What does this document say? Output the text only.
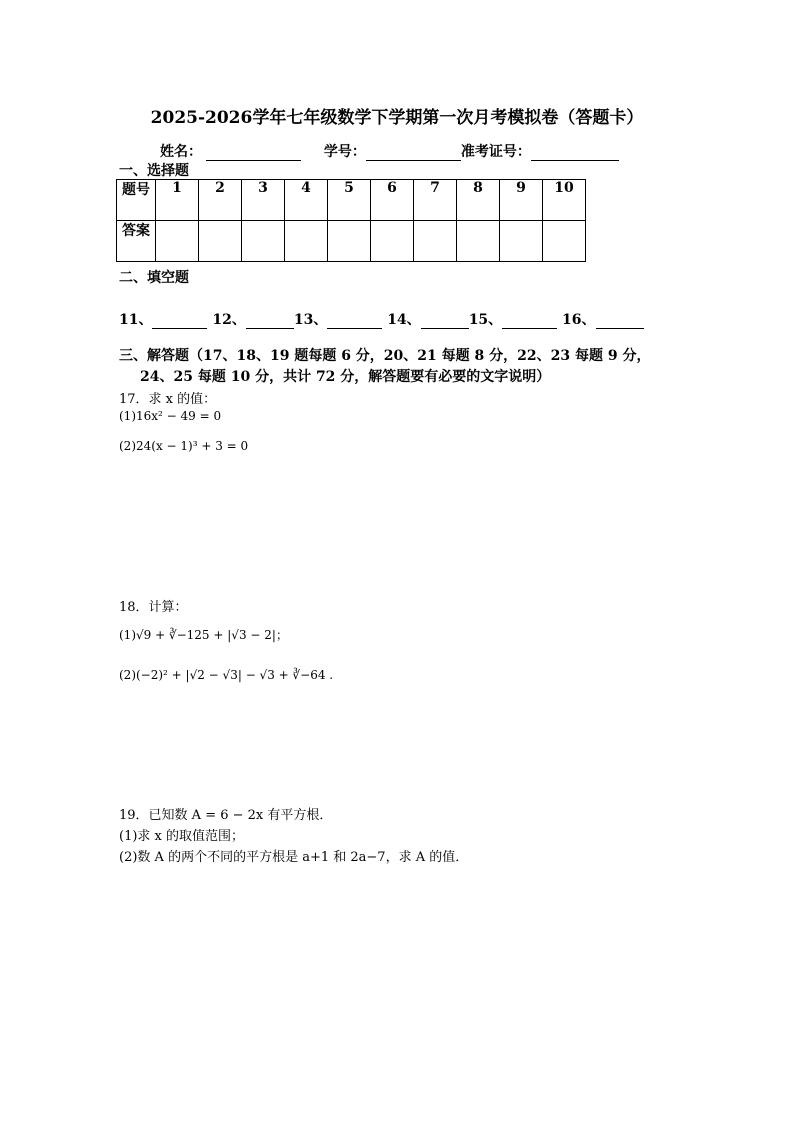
2025-2026学年七年级数学下学期第一次月考模拟卷（答题卡）
姓名：	学号：	准考证号：
一、选择题
题号	1	2	3	4	5	6	7	8	9	10
答案										
二、填空题
11、	12、	13、	14、	15、	16、
三、解答题（17、18、19 题每题 6 分，20、21 每题 8 分，22、23 每题 9 分，
24、25 每题 10 分，共计 72 分，解答题要有必要的文字说明）
17．求 x 的值：
(1)16x² − 49 = 0
(2)24(x − 1)³ + 3 = 0
18．计算：
(1)√9 + ∛−125 + |√3 − 2|；
(2)(−2)² + |√2 − √3| − √3 + ∛−64 .
19．已知数 A = 6 − 2x 有平方根．
(1)求 x 的取值范围；
(2)数 A 的两个不同的平方根是 a+1 和 2a−7，求 A 的值．
